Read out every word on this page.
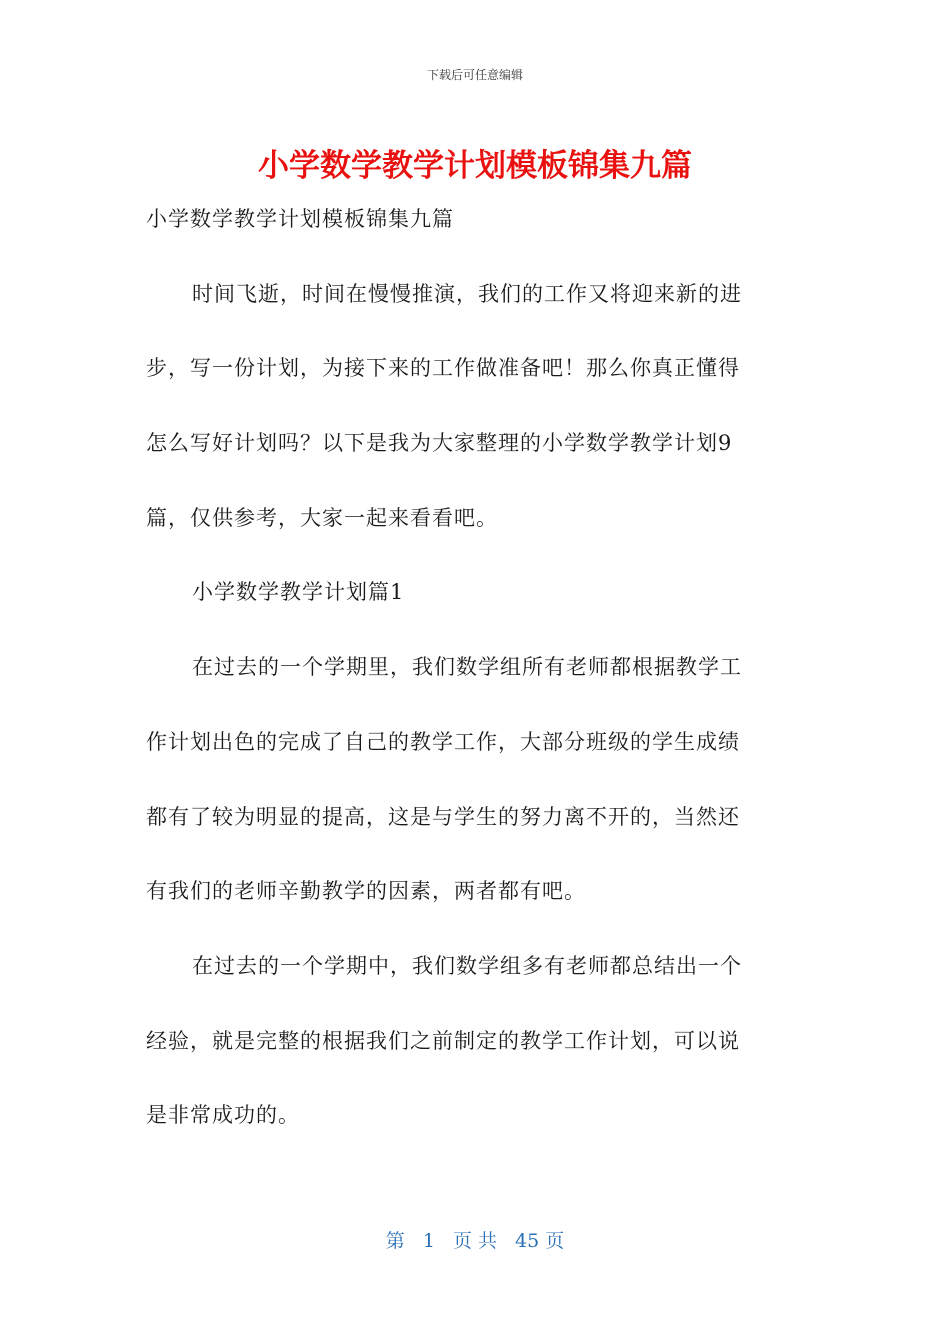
下载后可任意编辑
小学数学教学计划模板锦集九篇
小学数学教学计划模板锦集九篇
时间飞逝，时间在慢慢推演，我们的工作又将迎来新的进
步，写一份计划，为接下来的工作做准备吧！那么你真正懂得
怎么写好计划吗？以下是我为大家整理的小学数学教学计划9
篇，仅供参考，大家一起来看看吧。
小学数学教学计划篇1
在过去的一个学期里，我们数学组所有老师都根据教学工
作计划出色的完成了自己的教学工作，大部分班级的学生成绩
都有了较为明显的提高，这是与学生的努力离不开的，当然还
有我们的老师辛勤教学的因素，两者都有吧。
在过去的一个学期中，我们数学组多有老师都总结出一个
经验，就是完整的根据我们之前制定的教学工作计划，可以说
是非常成功的。
第 1 页 共 45 页
